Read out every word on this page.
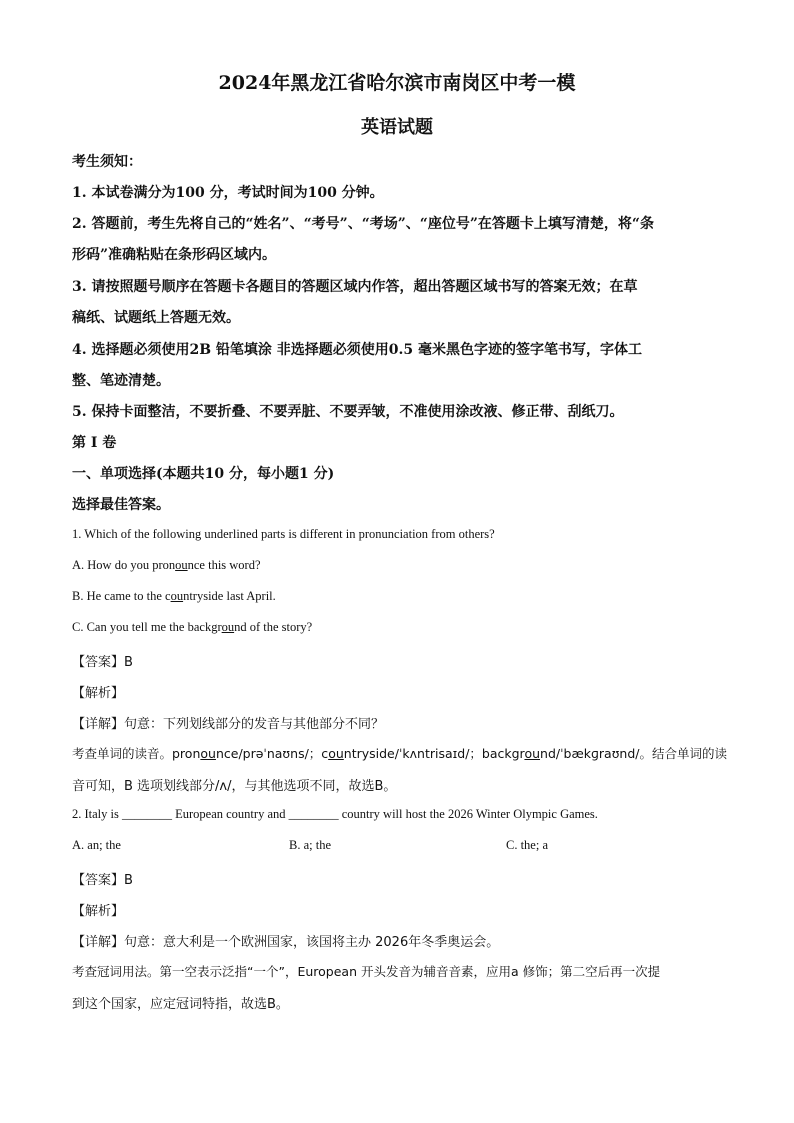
2024年黑龙江省哈尔滨市南岗区中考一模
英语试题
考生须知：
1. 本试卷满分为100 分，考试时间为100 分钟。
2. 答题前，考生先将自己的“姓名”、“考号”、“考场”、“座位号”在答题卡上填写清楚，将“条
形码”准确粘贴在条形码区域内。
3. 请按照题号顺序在答题卡各题目的答题区域内作答，超出答题区域书写的答案无效；在草
稿纸、试题纸上答题无效。
4. 选择题必须使用2B 铅笔填涂 非选择题必须使用0.5 毫米黑色字迹的签字笔书写，字体工
整、笔迹清楚。
5. 保持卡面整洁，不要折叠、不要弄脏、不要弄皱，不准使用涂改液、修正带、刮纸刀。
第 I 卷
一、单项选择(本题共10 分，每小题1 分)
选择最佳答案。
1. Which of the following underlined parts is different in pronunciation from others?
A. How do you pronounce this word?
B. He came to the countryside last April.
C. Can you tell me the background of the story?
【答案】B
【解析】
【详解】句意：下列划线部分的发音与其他部分不同？
考查单词的读音。pronounce/prəˈnaʊns/；countryside/ˈkʌntrisaɪd/；background/ˈbækɡraʊnd/。结合单词的读
音可知，B 选项划线部分/ʌ/，与其他选项不同，故选B。
2. Italy is ________ European country and ________ country will host the 2026 Winter Olympic Games.
A. an; the	B. a; the	C. the; a
【答案】B
【解析】
【详解】句意：意大利是一个欧洲国家，该国将主办 2026年冬季奥运会。
考查冠词用法。第一空表示泛指“一个”，European 开头发音为辅音音素，应用a 修饰；第二空后再一次提
到这个国家，应定冠词特指，故选B。
